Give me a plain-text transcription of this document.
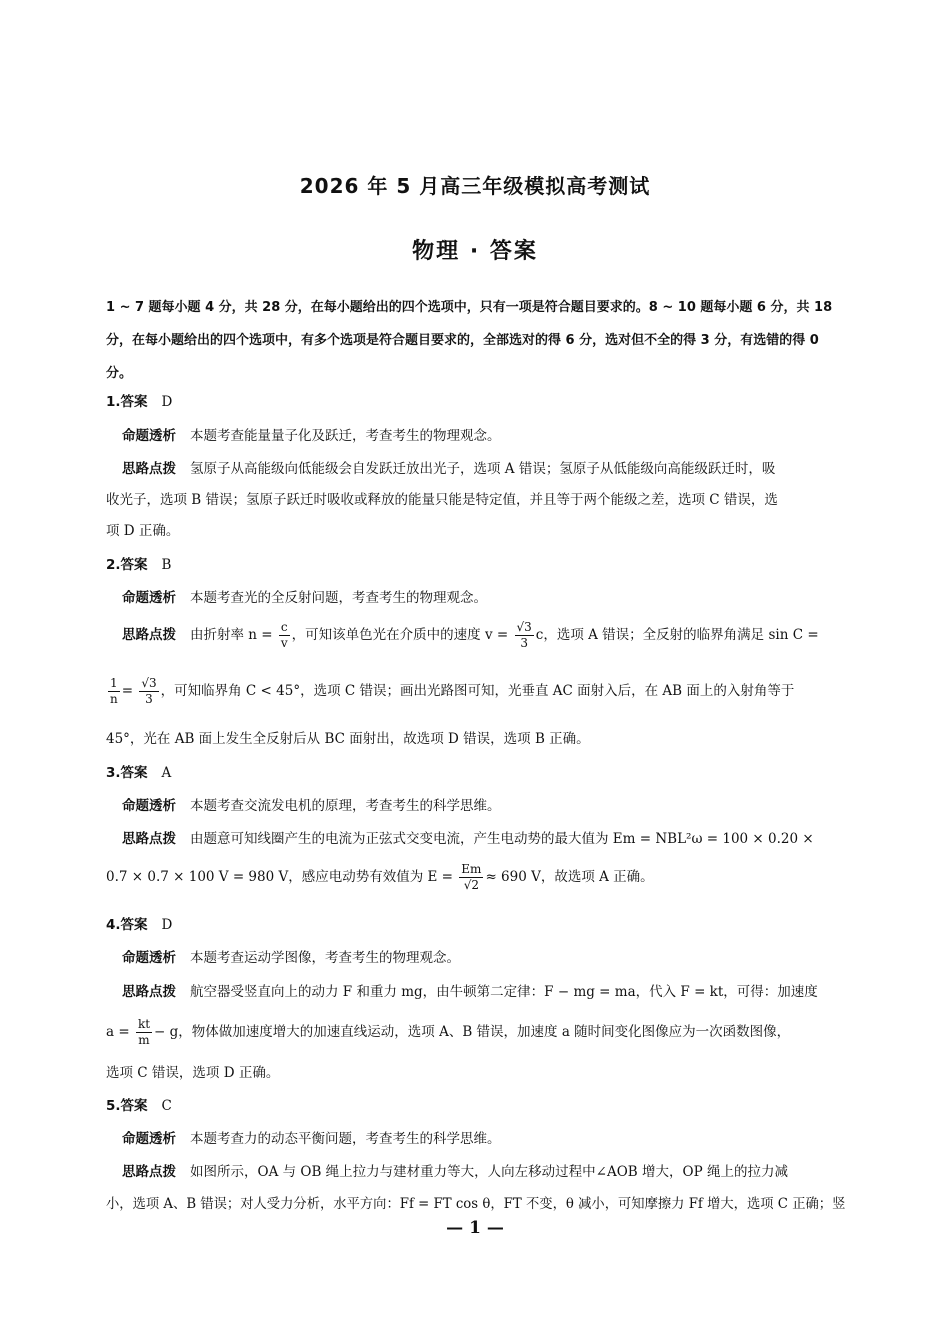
2026 年 5 月高三年级模拟高考测试
物理 · 答案
1 ~ 7 题每小题 4 分，共 28 分，在每小题给出的四个选项中，只有一项是符合题目要求的。8 ~ 10 题每小题 6 分，共 18 分，在每小题给出的四个选项中，有多个选项是符合题目要求的，全部选对的得 6 分，选对但不全的得 3 分，有选错的得 0 分。
1.答案 D
命题透析 本题考查能量量子化及跃迁，考查考生的物理观念。
思路点拨 氢原子从高能级向低能级会自发跃迁放出光子，选项 A 错误；氢原子从低能级向高能级跃迁时，吸
收光子，选项 B 错误；氢原子跃迁时吸收或释放的能量只能是特定值，并且等于两个能级之差，选项 C 错误，选
项 D 正确。
2.答案 B
命题透析 本题考查光的全反射问题，考查考生的物理观念。
思路点拨 由折射率 $n = \frac{c}{v}$ ，可知该单色光在介质中的速度 $v = \frac{√3}{3}$ c，选项 A 错误；全反射的临界角满足 sin C =
$\frac{1}{n} = \frac{√3}{3}$ ，可知临界角 C < 45°，选项 C 错误；画出光路图可知，光垂直 AC 面射入后，在 AB 面上的入射角等于
45°，光在 AB 面上发生全反射后从 BC 面射出，故选项 D 错误，选项 B 正确。
3.答案 A
命题透析 本题考查交流发电机的原理，考查考生的科学思维。
思路点拨 由题意可知线圈产生的电流为正弦式交变电流，产生电动势的最大值为 Em = NBL²ω = 100 × 0.20 ×
0.7 × 0.7 × 100 V = 980 V，感应电动势有效值为 $E = \frac{Em}{√2} \approx 690$ V，故选项 A 正确。
4.答案 D
命题透析 本题考查运动学图像，考查考生的物理观念。
思路点拨 航空器受竖直向上的动力 F 和重力 mg，由牛顿第二定律：F − mg = ma，代入 F = kt，可得：加速度
$a = \frac{kt}{m} - g$，物体做加速度增大的加速直线运动，选项 A、B 错误，加速度 a 随时间变化图像应为一次函数图像，
选项 C 错误，选项 D 正确。
5.答案 C
命题透析 本题考查力的动态平衡问题，考查考生的科学思维。
思路点拨 如图所示，OA 与 OB 绳上拉力与建材重力等大，人向左移动过程中∠AOB 增大，OP 绳上的拉力减
小，选项 A、B 错误；对人受力分析，水平方向：Ff = FT cos θ，FT 不变，θ 减小，可知摩擦力 Ff 增大，选项 C 正确；竖
— 1 —
